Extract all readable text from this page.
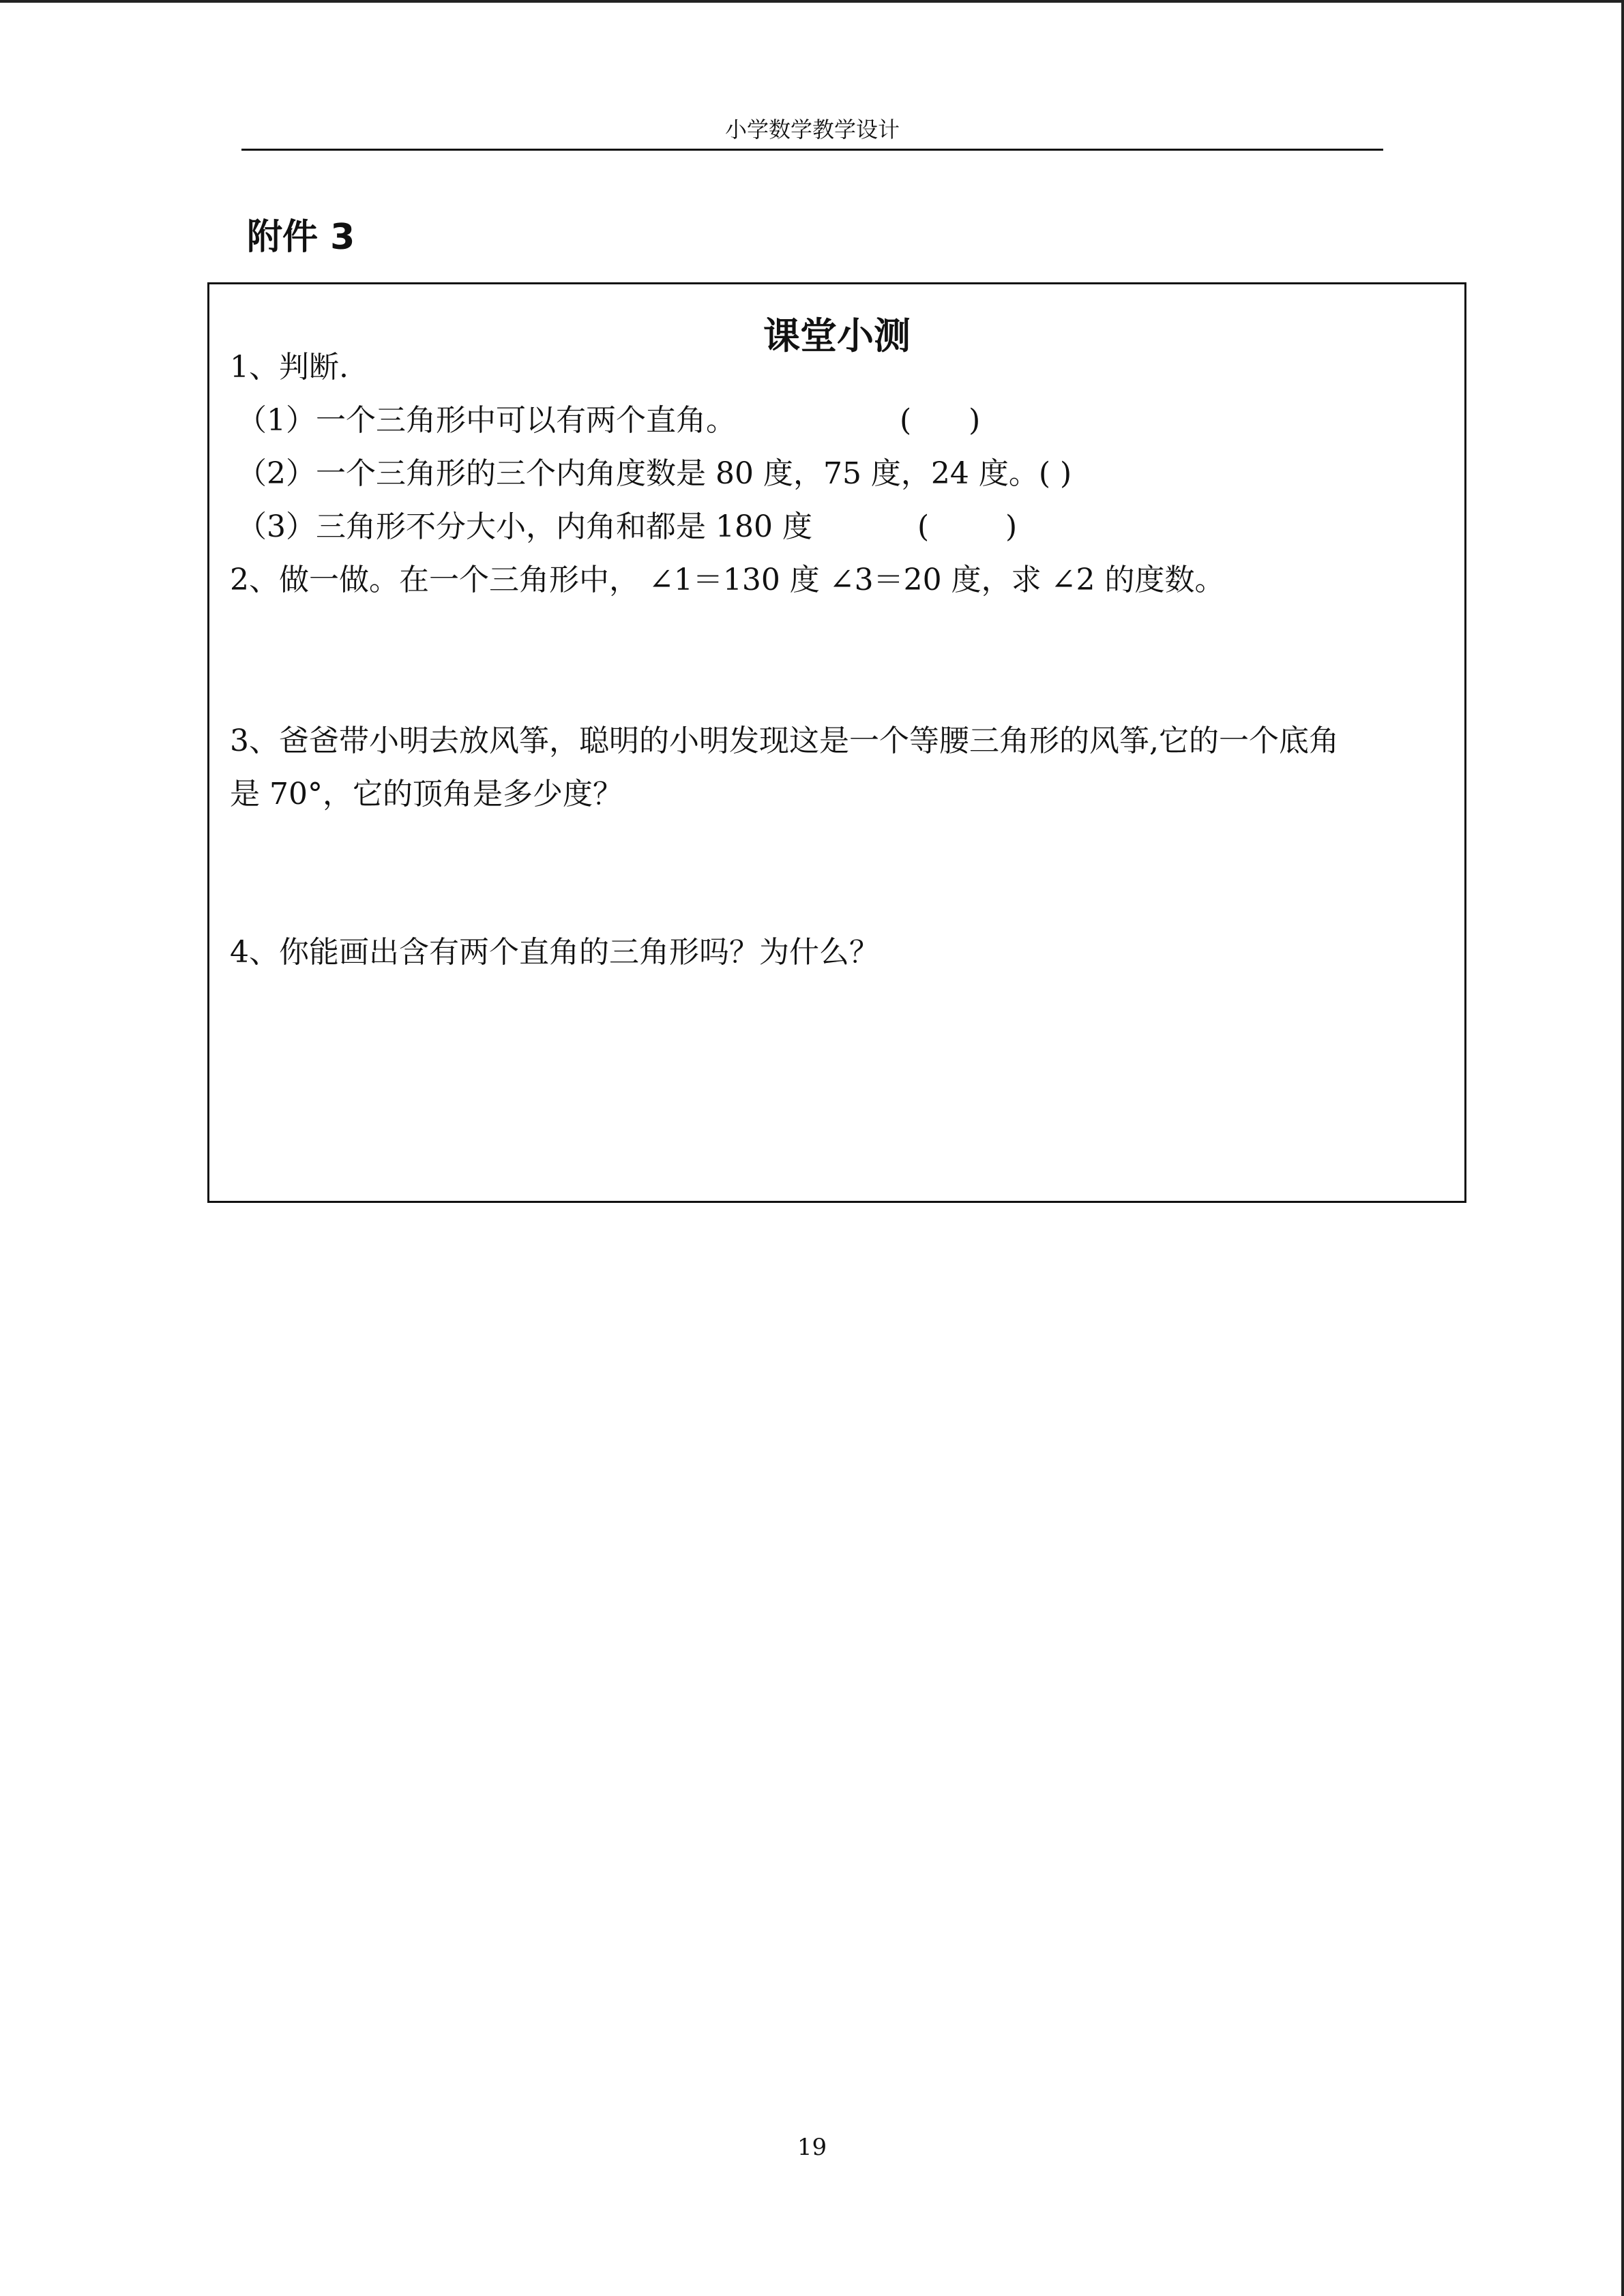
小学数学教学设计
附件 3
课堂小测
1、判断.
（1）一个三角形中可以有两个直角。	(      )
（2）一个三角形的三个内角度数是 80 度，75 度，24 度。( )
（3）三角形不分大小，内角和都是 180 度	(        )
2、做一做。在一个三角形中， ∠1＝130 度 ∠3＝20 度，求 ∠2 的度数。
3、爸爸带小明去放风筝，聪明的小明发现这是一个等腰三角形的风筝,它的一个底角
是 70°，它的顶角是多少度？
4、你能画出含有两个直角的三角形吗？为什么？
19
